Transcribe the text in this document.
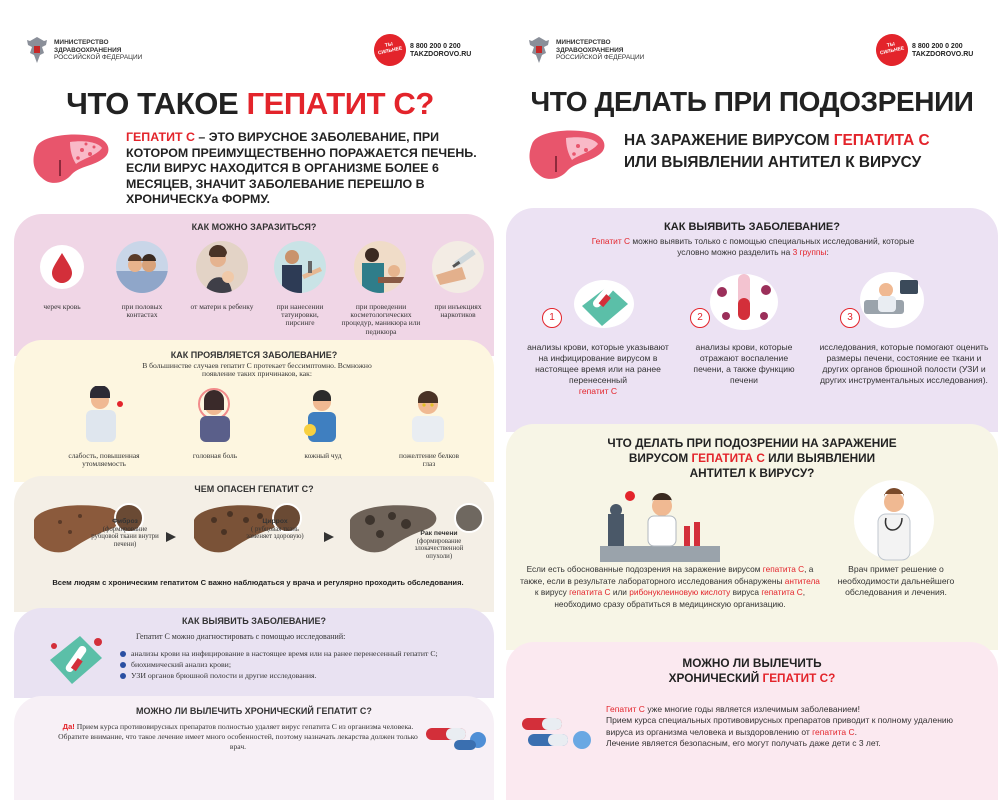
МИНИСТЕРСТВО
ЗДРАВООХРАНЕНИЯ
РОССИЙСКОЙ ФЕДЕРАЦИИ
ТЫ СИЛЬНЕЕ	8 800 200 0 200
TAKZDOROVO.RU
ЧТО ТАКОЕ ГЕПАТИТ С?
ГЕПАТИТ С – ЭТО ВИРУСНОЕ ЗАБОЛЕВАНИЕ, ПРИ КОТОРОМ ПРЕИМУЩЕСТВЕННО ПОРАЖАЕТСЯ ПЕЧЕНЬ. ЕСЛИ ВИРУС НАХОДИТСЯ В ОРГАНИЗМЕ БОЛЕЕ 6 МЕСЯЦЕВ, ЗНАЧИТ ЗАБОЛЕВАНИЕ ПЕРЕШЛО В ХРОНИЧЕСКУа ФОРМУ.
КАК МОЖНО ЗАРАЗИТЬСЯ?
череч кровь	при половых контастах
от матери к ребенку	при нанесении татуировки, пирсинге
при проведении косметологических процедур, маникюра или педикюра
при инъекциях наркотиков
КАК ПРОЯВЛЯЕТСЯ ЗАБОЛЕВАНИЕ?
В большинстве случаев гепатит С протекает бессимптомно. Всмножно появление таких причинаков, как:
слабость, повышенная утомляемость
головная боль	кожный чуд	пожелтение белков глаз
ЧЕМ ОПАСЕН ГЕПАТИТ С?
Фиброз
(формирование рубцовой ткани внутри печени)
Циррох
( рубцовая ткань заменяет здоровую)	Рак печени
(формирование злокачественной опухоли)
Всем людям с хроническим гепатитом С важно наблюдаться у врача и регулярно проходить обследования.
КАК ВЫЯВИТЬ ЗАБОЛЕВАНИЕ?
Гепатит С можно диагностировать с помощью исследований:
анализы крови на инфицирование в настоящее время или на ранее перенесенный гепатит С;
биохимический анализ крови;
УЗИ органов брюшной полости и другие исследования.
МОЖНО ЛИ ВЫЛЕЧИТЬ ХРОНИЧЕСКИЙ ГЕПАТИТ С?
Да! Прием курса противовирусных препаратов полностью удаляет вирус гепатита С из организма человека. Обратите внимание, что такое лечение имеет много особенностей, поэтому назначать лекарства должен только врач.
МИНИСТЕРСТВО
ЗДРАВООХРАНЕНИЯ
РОССИЙСКОЙ ФЕДЕРАЦИИ
ТЫ СИЛЬНЕЕ	8 800 200 0 200
TAKZDOROVO.RU
ЧТО ДЕЛАТЬ ПРИ ПОДОЗРЕНИИ
НА ЗАРАЖЕНИЕ ВИРУСОМ ГЕПАТИТА С
ИЛИ ВЫЯВЛЕНИИ АНТИТЕЛ К ВИРУСУ
КАК ВЫЯВИТЬ ЗАБОЛЕВАНИЕ?
Гепатит С можно выявить только с помощью специальных исследований, которые условно можно разделить на 3 группы:
1	2	3
анализы крови, которые указывают на инфицирование вирусом в настоящее время или на ранее перенесенный
гепатит С
анализы крови, которые отражают воспаление печени, а также функцию печени
исследования, которые помогают оценить размеры печени, состояние ее ткани и других органов брюшной полости (УЗИ и других инструментальных исследования).
ЧТО ДЕЛАТЬ ПРИ ПОДОЗРЕНИИ НА ЗАРАЖЕНИЕ
ВИРУСОМ ГЕПАТИТА С ИЛИ ВЫЯВЛЕНИИ
АНТИТЕЛ К ВИРУСУ?
Если есть обоснованные подозрения на заражение вирусом гепатита С, а также, если в результате лабораторного исследования обнаружены антитела к вирусу гепатита С или рибонуклеиновую кислоту вируса гепатита С, необходимо сразу обратиться в медицинскую организацию.
Врач примет решение о необходимости дальнейшего обследования и лечения.
МОЖНО ЛИ ВЫЛЕЧИТЬ
ХРОНИЧЕСКИЙ ГЕПАТИТ С?
Гепатит С уже многие годы является излечимым заболеванием!
Прием курса специальных противовирусных препаратов приводит к полному удалению вируса из организма человека и выздоровлению от гепатита С.
Лечение является безопасным, его могут получать даже дети с 3 лет.
